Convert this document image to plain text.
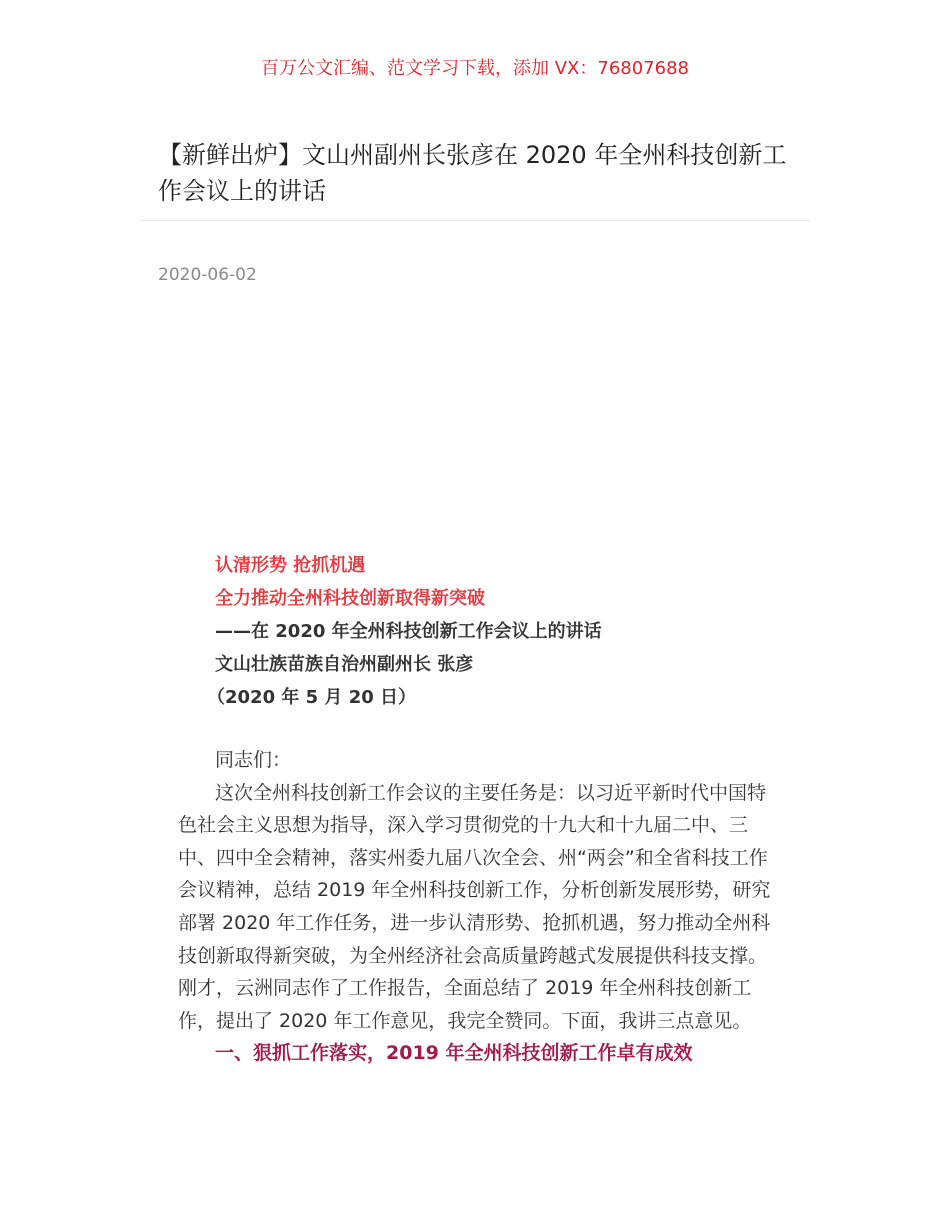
百万公文汇编、范文学习下载，添加 VX：76807688
【新鲜出炉】文山州副州长张彦在 2020 年全州科技创新工作会议上的讲话
2020-06-02
认清形势 抢抓机遇
全力推动全州科技创新取得新突破
——在 2020 年全州科技创新工作会议上的讲话
文山壮族苗族自治州副州长 张彦
（2020 年 5 月 20 日）
同志们：

这次全州科技创新工作会议的主要任务是：以习近平新时代中国特色社会主义思想为指导，深入学习贯彻党的十九大和十九届二中、三中、四中全会精神，落实州委九届八次全会、州“两会”和全省科技工作会议精神，总结 2019 年全州科技创新工作，分析创新发展形势，研究部署 2020 年工作任务，进一步认清形势、抢抓机遇，努力推动全州科技创新取得新突破，为全州经济社会高质量跨越式发展提供科技支撑。刚才，云洲同志作了工作报告，全面总结了 2019 年全州科技创新工作，提出了 2020 年工作意见，我完全赞同。下面，我讲三点意见。

一、狠抓工作落实，2019 年全州科技创新工作卓有成效
